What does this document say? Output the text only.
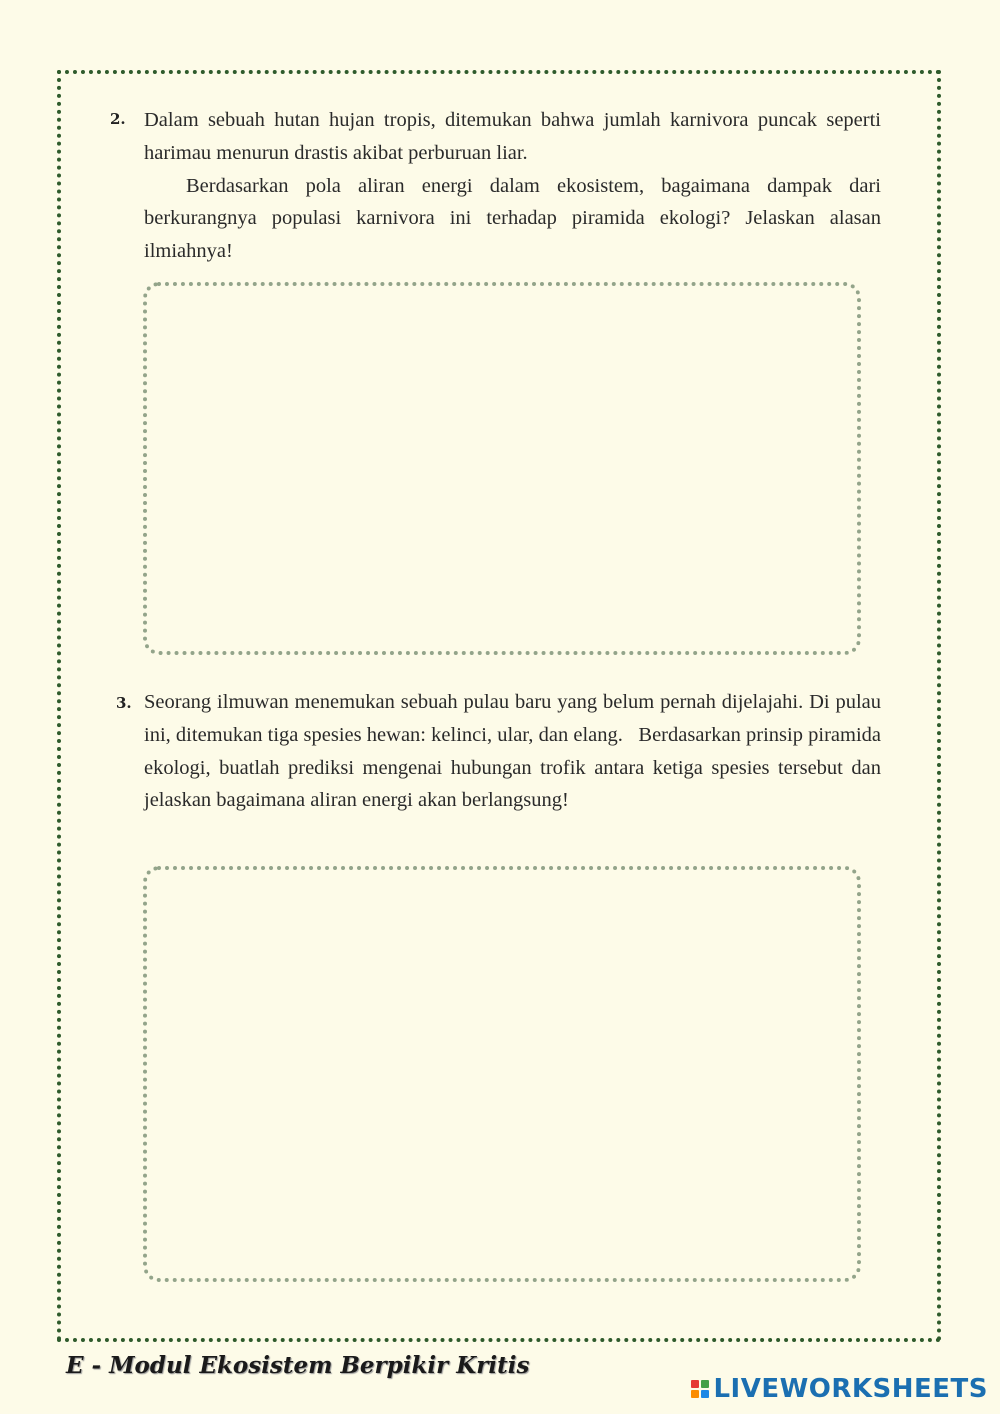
2. Dalam sebuah hutan hujan tropis, ditemukan bahwa jumlah karnivora puncak seperti harimau menurun drastis akibat perburuan liar.

Berdasarkan pola aliran energi dalam ekosistem, bagaimana dampak dari berkurangnya populasi karnivora ini terhadap piramida ekologi? Jelaskan alasan ilmiahnya!

3. Seorang ilmuwan menemukan sebuah pulau baru yang belum pernah dijelajahi. Di pulau ini, ditemukan tiga spesies hewan: kelinci, ular, dan elang.   Berdasarkan prinsip piramida ekologi, buatlah prediksi mengenai hubungan trofik antara ketiga spesies tersebut dan jelaskan bagaimana aliran energi akan berlangsung!

E - Modul Ekosistem Berpikir Kritis
LIVEWORKSHEETS
